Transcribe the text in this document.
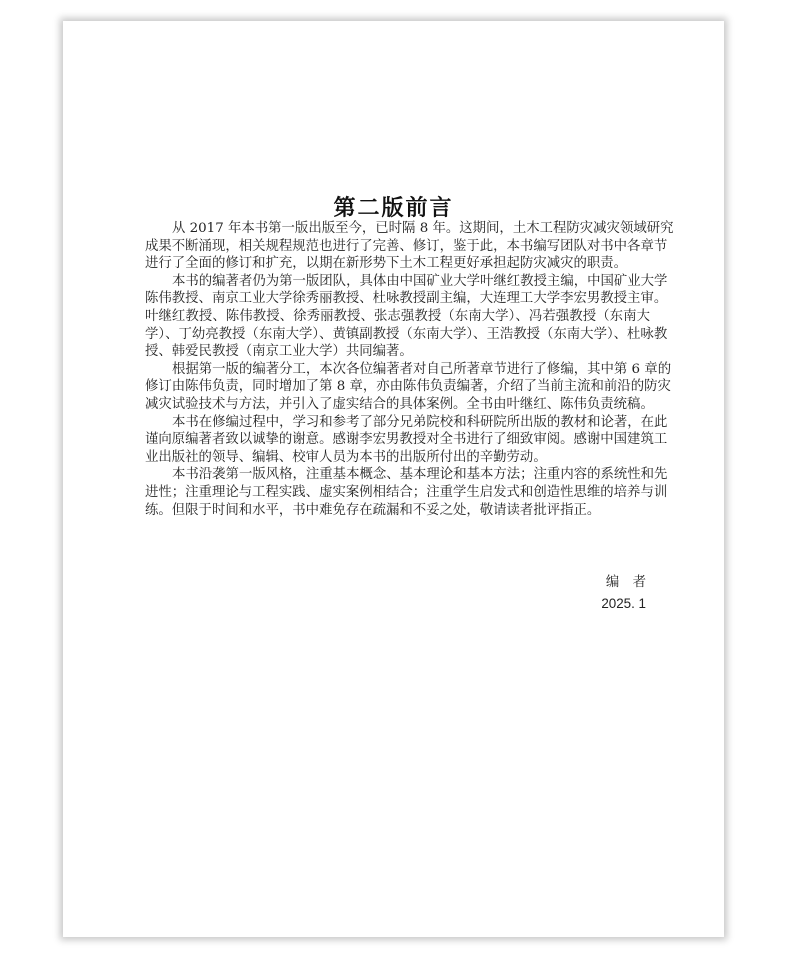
第二版前言
从 2017 年本书第一版出版至今，已时隔 8 年。这期间，土木工程防灾减灾领域研究
成果不断涌现，相关规程规范也进行了完善、修订，鉴于此，本书编写团队对书中各章节
进行了全面的修订和扩充，以期在新形势下土木工程更好承担起防灾减灾的职责。
本书的编著者仍为第一版团队，具体由中国矿业大学叶继红教授主编，中国矿业大学
陈伟教授、南京工业大学徐秀丽教授、杜咏教授副主编，大连理工大学李宏男教授主审。
叶继红教授、陈伟教授、徐秀丽教授、张志强教授（东南大学）、冯若强教授（东南大
学）、丁幼亮教授（东南大学）、黄镇副教授（东南大学）、王浩教授（东南大学）、杜咏教
授、韩爱民教授（南京工业大学）共同编著。
根据第一版的编著分工，本次各位编著者对自己所著章节进行了修编，其中第 6 章的
修订由陈伟负责，同时增加了第 8 章，亦由陈伟负责编著，介绍了当前主流和前沿的防灾
减灾试验技术与方法，并引入了虚实结合的具体案例。全书由叶继红、陈伟负责统稿。
本书在修编过程中，学习和参考了部分兄弟院校和科研院所出版的教材和论著，在此
谨向原编著者致以诚挚的谢意。感谢李宏男教授对全书进行了细致审阅。感谢中国建筑工
业出版社的领导、编辑、校审人员为本书的出版所付出的辛勤劳动。
本书沿袭第一版风格，注重基本概念、基本理论和基本方法；注重内容的系统性和先
进性；注重理论与工程实践、虚实案例相结合；注重学生启发式和创造性思维的培养与训
练。但限于时间和水平，书中难免存在疏漏和不妥之处，敬请读者批评指正。
编　者
2025. 1
